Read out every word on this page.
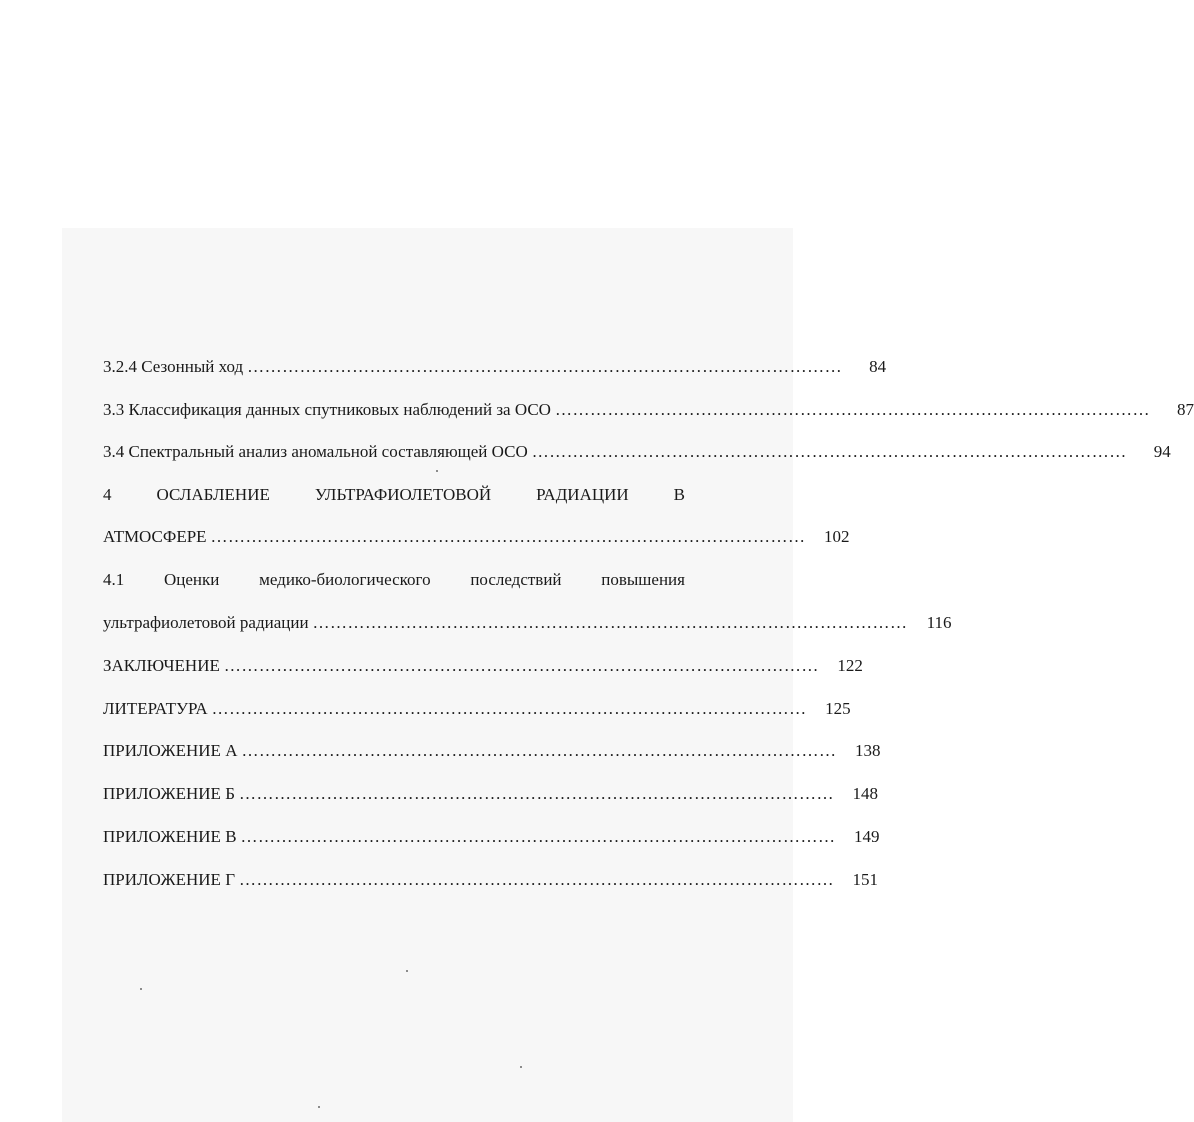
3.2.4 Сезонный ход …………………………………………………………………………………………	84
3.3 Классификация данных спутниковых наблюдений за ОСО …………………………………………………………………………………………	87
3.4 Спектральный анализ аномальной составляющей ОСО …………………………………………………………………………………………	94
4	ОСЛАБЛЕНИЕ	УЛЬТРАФИОЛЕТОВОЙ	РАДИАЦИИ	В
АТМОСФЕРЕ …………………………………………………………………………………………	102
4.1 Оценки медико-биологического последствий повышения
ультрафиолетовой радиации …………………………………………………………………………………………	116
ЗАКЛЮЧЕНИЕ …………………………………………………………………………………………	122
ЛИТЕРАТУРА …………………………………………………………………………………………	125
ПРИЛОЖЕНИЕ А …………………………………………………………………………………………	138
ПРИЛОЖЕНИЕ Б …………………………………………………………………………………………	148
ПРИЛОЖЕНИЕ В …………………………………………………………………………………………	149
ПРИЛОЖЕНИЕ Г …………………………………………………………………………………………	151
